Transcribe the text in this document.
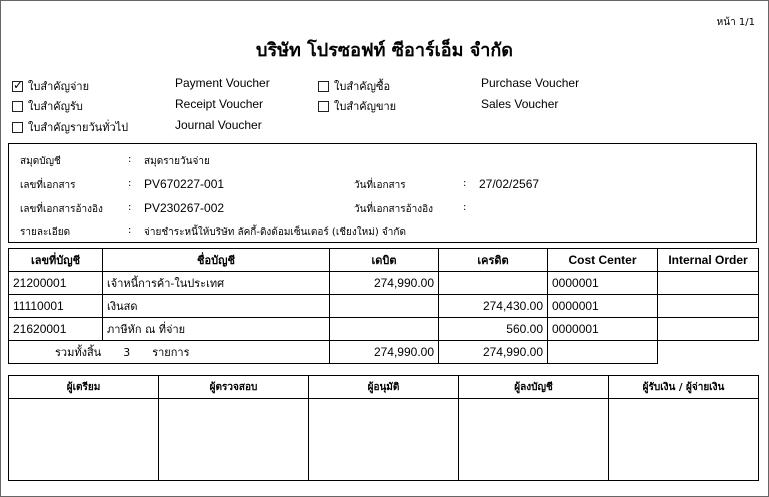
หน้า 1/1
บริษัท โปรซอฟท์ ซีอาร์เอ็ม จำกัด
✓
ใบสำคัญจ่าย
ใบสำคัญรับ
ใบสำคัญรายวันทั่วไป
ใบสำคัญซื้อ
ใบสำคัญขาย
Payment Voucher
Receipt Voucher
Journal Voucher
Purchase Voucher
Sales Voucher
สมุดบัญชี	: สมุดรายวันจ่าย
เลขที่เอกสาร	: PV670227-001	วันที่เอกสาร	: 27/02/2567
เลขที่เอกสารอ้างอิง	: PV230267-002	วันที่เอกสารอ้างอิง	:
รายละเอียด	: จ่ายชำระหนี้ให้บริษัท ลัคกี้-ดิงด้อมเซ็นเตอร์ (เชียงใหม่) จำกัด
เลขที่บัญชี	ชื่อบัญชี	เดบิต	เครดิต	Cost Center	Internal Order
21200001	เจ้าหนี้การค้า-ในประเทศ	274,990.00		0000001	
11110001	เงินสด		274,430.00	0000001	
21620001	ภาษีหัก ณ ที่จ่าย		560.00	0000001	
รวมทั้งสิ้น 3 รายการ		274,990.00	274,990.00		
ผู้เตรียม	ผู้ตรวจสอบ	ผู้อนุมัติ	ผู้ลงบัญชี	ผู้รับเงิน / ผู้จ่ายเงิน
